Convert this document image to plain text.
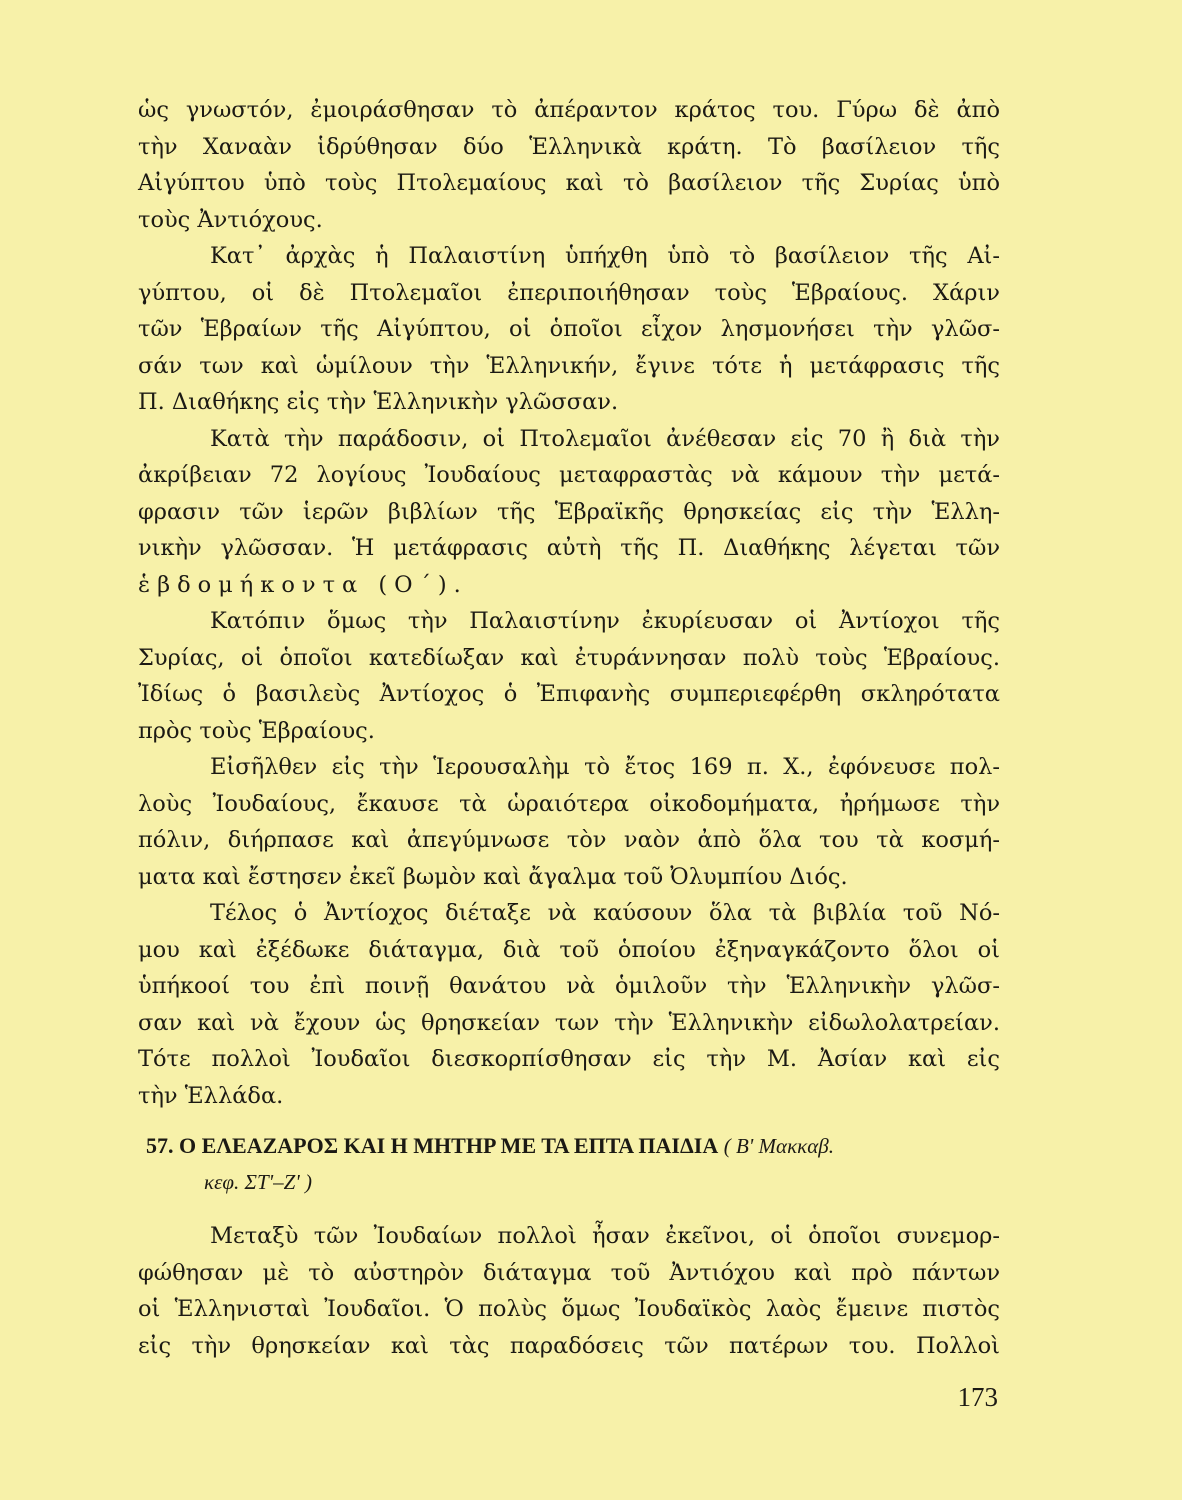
ὡς γνωστόν, ἐμοιράσθησαν τὸ ἀπέραντον κράτος του. Γύρω δὲ ἀπὸ
τὴν Χαναὰν ἱδρύθησαν δύο Ἑλληνικὰ κράτη. Τὸ βασίλειον τῆς
Αἰγύπτου ὑπὸ τοὺς Πτολεμαίους καὶ τὸ βασίλειον τῆς Συρίας ὑπὸ
τοὺς Ἀντιόχους.
Κατ᾽ ἀρχὰς ἡ Παλαιστίνη ὑπήχθη ὑπὸ τὸ βασίλειον τῆς Αἰ-
γύπτου, οἱ δὲ Πτολεμαῖοι ἐπεριποιήθησαν τοὺς Ἑβραίους. Χάριν
τῶν Ἑβραίων τῆς Αἰγύπτου, οἱ ὁποῖοι εἶχον λησμονήσει τὴν γλῶσ-
σάν των καὶ ὡμίλουν τὴν Ἑλληνικήν, ἔγινε τότε ἡ μετάφρασις τῆς
Π. Διαθήκης εἰς τὴν Ἑλληνικὴν γλῶσσαν.
Κατὰ τὴν παράδοσιν, οἱ Πτολεμαῖοι ἀνέθεσαν εἰς 70 ἢ διὰ τὴν
ἀκρίβειαν 72 λογίους Ἰουδαίους μεταφραστὰς νὰ κάμουν τὴν μετά-
φρασιν τῶν ἱερῶν βιβλίων τῆς Ἑβραϊκῆς θρησκείας εἰς τὴν Ἑλλη-
νικὴν γλῶσσαν. Ἡ μετάφρασις αὐτὴ τῆς Π. Διαθήκης λέγεται τῶν
ἑβδομήκοντα (Ο΄).
Κατόπιν ὅμως τὴν Παλαιστίνην ἐκυρίευσαν οἱ Ἀντίοχοι τῆς
Συρίας, οἱ ὁποῖοι κατεδίωξαν καὶ ἐτυράννησαν πολὺ τοὺς Ἑβραίους.
Ἰδίως ὁ βασιλεὺς Ἀντίοχος ὁ Ἐπιφανὴς συμπεριεφέρθη σκληρότατα
πρὸς τοὺς Ἑβραίους.
Εἰσῆλθεν εἰς τὴν Ἱερουσαλὴμ τὸ ἔτος 169 π. Χ., ἐφόνευσε πολ-
λοὺς Ἰουδαίους, ἔκαυσε τὰ ὡραιότερα οἰκοδομήματα, ἠρήμωσε τὴν
πόλιν, διήρπασε καὶ ἀπεγύμνωσε τὸν ναὸν ἀπὸ ὅλα του τὰ κοσμή-
ματα καὶ ἔστησεν ἐκεῖ βωμὸν καὶ ἄγαλμα τοῦ Ὀλυμπίου Διός.
Τέλος ὁ Ἀντίοχος διέταξε νὰ καύσουν ὅλα τὰ βιβλία τοῦ Νό-
μου καὶ ἐξέδωκε διάταγμα, διὰ τοῦ ὁποίου ἐξηναγκάζοντο ὅλοι οἱ
ὑπήκοοί του ἐπὶ ποινῇ θανάτου νὰ ὁμιλοῦν τὴν Ἑλληνικὴν γλῶσ-
σαν καὶ νὰ ἔχουν ὡς θρησκείαν των τὴν Ἑλληνικὴν εἰδωλολατρείαν.
Τότε πολλοὶ Ἰουδαῖοι διεσκορπίσθησαν εἰς τὴν Μ. Ἀσίαν καὶ εἰς
τὴν Ἑλλάδα.
57. Ο ΕΛΕΑΖΑΡΟΣ ΚΑΙ Η ΜΗΤΗΡ ΜΕ ΤΑ ΕΠΤΑ ΠΑΙΔΙΑ ( Β' Μακκαβ.
κεφ. ΣΤ'–Ζ' )
Μεταξὺ τῶν Ἰουδαίων πολλοὶ ἦσαν ἐκεῖνοι, οἱ ὁποῖοι συνεμορ-
φώθησαν μὲ τὸ αὐστηρὸν διάταγμα τοῦ Ἀντιόχου καὶ πρὸ πάντων
οἱ Ἑλληνισταὶ Ἰουδαῖοι. Ὁ πολὺς ὅμως Ἰουδαϊκὸς λαὸς ἔμεινε πιστὸς
εἰς τὴν θρησκείαν καὶ τὰς παραδόσεις τῶν πατέρων του. Πολλοὶ
173
